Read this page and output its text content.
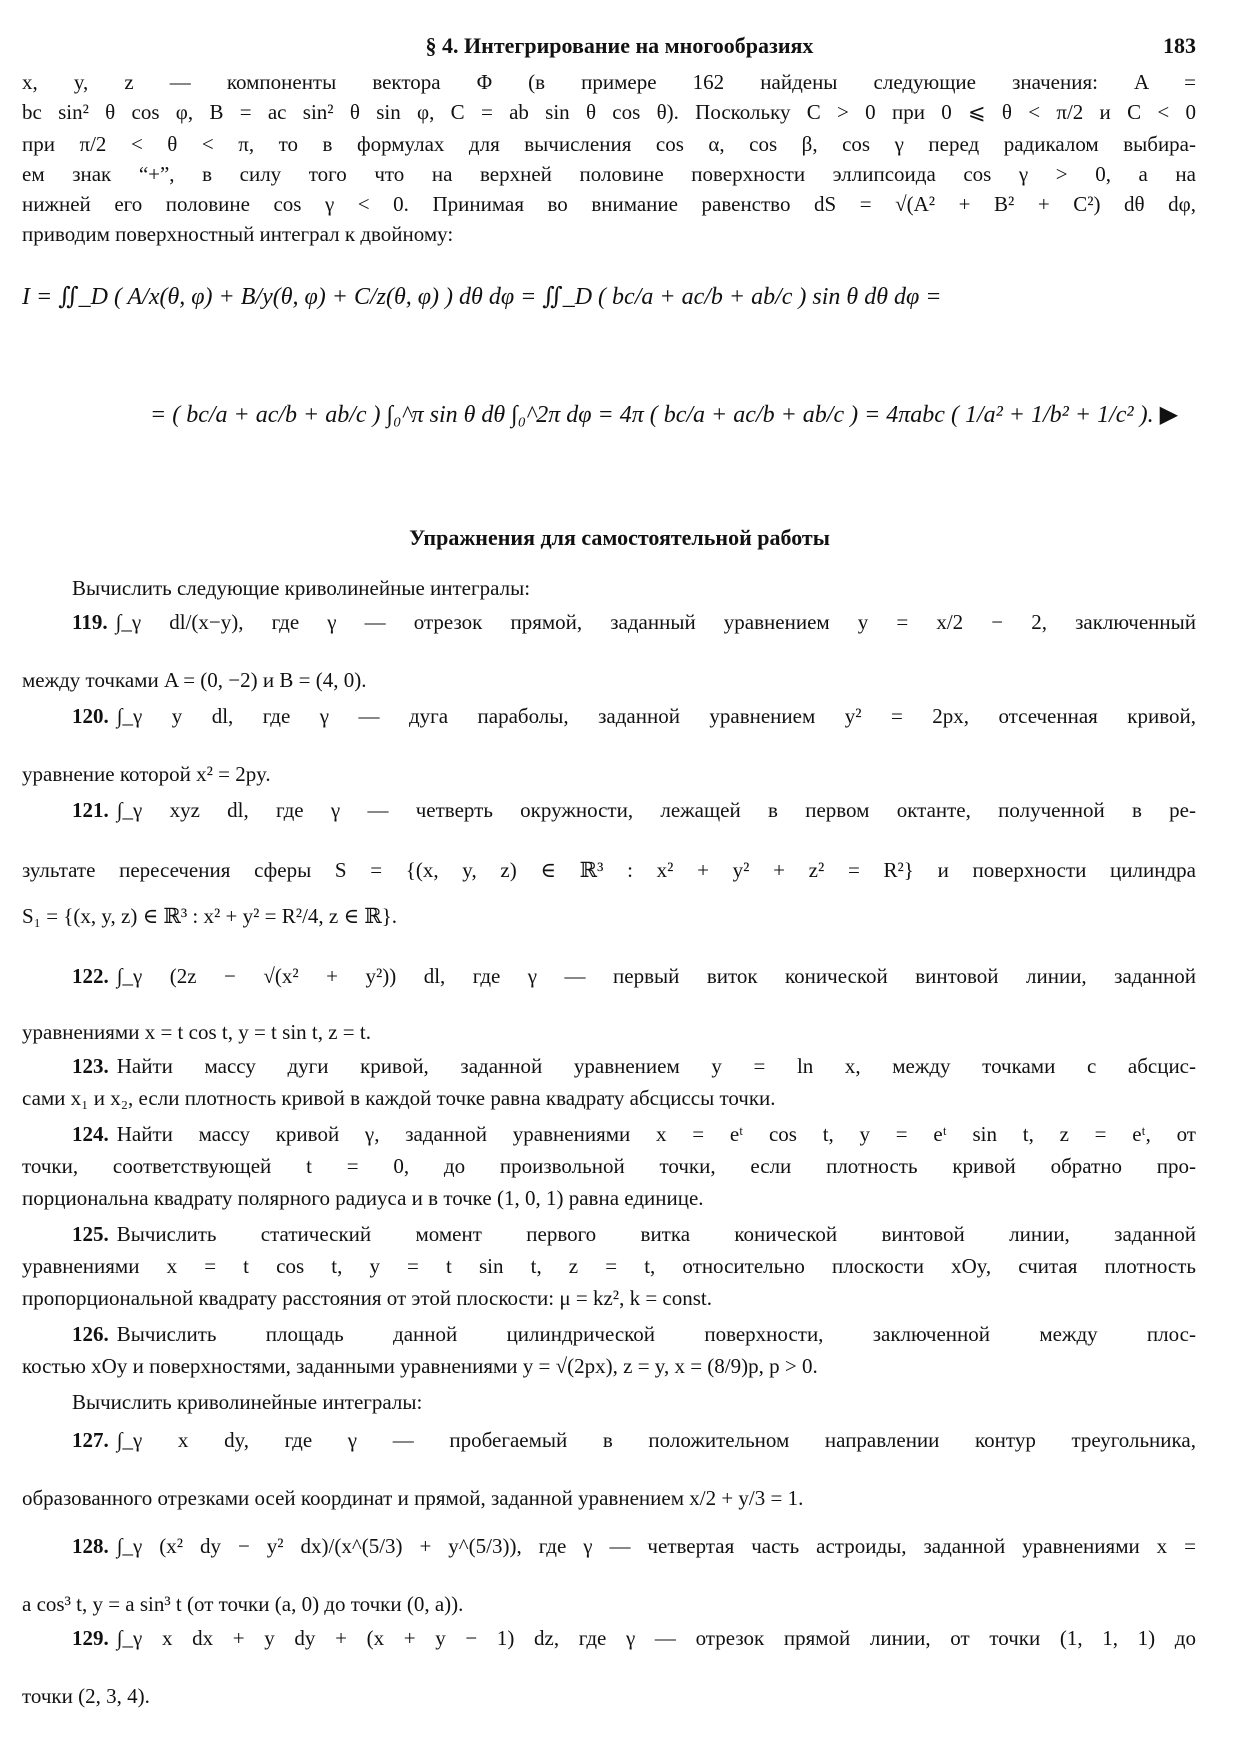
§ 4. Интегрирование на многообразиях	183
x, y, z — компоненты вектора Φ (в примере 162 найдены следующие значения: A =
bc sin² θ cos φ, B = ac sin² θ sin φ, C = ab sin θ cos θ). Поскольку C > 0 при 0 ⩽ θ < π/2 и C < 0
при π/2 < θ < π, то в формулах для вычисления cos α, cos β, cos γ перед радикалом выбира-
ем знак “+”, в силу того что на верхней половине поверхности эллипсоида cos γ > 0, а на
нижней его половине cos γ < 0. Принимая во внимание равенство dS = √(A² + B² + C²) dθ dφ,
приводим поверхностный интеграл к двойному:
I = ∬_D ( A/x(θ, φ) + B/y(θ, φ) + C/z(θ, φ) ) dθ dφ = ∬_D ( bc/a + ac/b + ab/c ) sin θ dθ dφ =
= ( bc/a + ac/b + ab/c ) ∫₀^π sin θ dθ ∫₀^2π dφ = 4π ( bc/a + ac/b + ab/c ) = 4πabc ( 1/a² + 1/b² + 1/c² ). ▶
Упражнения для самостоятельной работы
Вычислить следующие криволинейные интегралы:
119. ∫_γ dl/(x−y), где γ — отрезок прямой, заданный уравнением y = x/2 − 2, заключенный
между точками A = (0, −2) и B = (4, 0).
120. ∫_γ y dl, где γ — дуга параболы, заданной уравнением y² = 2px, отсеченная кривой,
уравнение которой x² = 2py.
121. ∫_γ xyz dl, где γ — четверть окружности, лежащей в первом октанте, полученной в ре-
зультате пересечения сферы S = {(x, y, z) ∈ ℝ³ : x² + y² + z² = R²} и поверхности цилиндра
S₁ = {(x, y, z) ∈ ℝ³ : x² + y² = R²/4, z ∈ ℝ}.
122. ∫_γ (2z − √(x² + y²)) dl, где γ — первый виток конической винтовой линии, заданной
уравнениями x = t cos t, y = t sin t, z = t.
123. Найти массу дуги кривой, заданной уравнением y = ln x, между точками с абсцис-
сами x₁ и x₂, если плотность кривой в каждой точке равна квадрату абсциссы точки.
124. Найти массу кривой γ, заданной уравнениями x = eᵗ cos t, y = eᵗ sin t, z = eᵗ, от
точки, соответствующей t = 0, до произвольной точки, если плотность кривой обратно про-
порциональна квадрату полярного радиуса и в точке (1, 0, 1) равна единице.
125. Вычислить статический момент первого витка конической винтовой линии, заданной
уравнениями x = t cos t, y = t sin t, z = t, относительно плоскости xOy, считая плотность
пропорциональной квадрату расстояния от этой плоскости: μ = kz², k = const.
126. Вычислить площадь данной цилиндрической поверхности, заключенной между плос-
костью xOy и поверхностями, заданными уравнениями y = √(2px), z = y, x = (8/9)p, p > 0.
Вычислить криволинейные интегралы:
127. ∫_γ x dy, где γ — пробегаемый в положительном направлении контур треугольника,
образованного отрезками осей координат и прямой, заданной уравнением x/2 + y/3 = 1.
128. ∫_γ (x² dy − y² dx)/(x^(5/3) + y^(5/3)), где γ — четвертая часть астроиды, заданной уравнениями x =
a cos³ t, y = a sin³ t (от точки (a, 0) до точки (0, a)).
129. ∫_γ x dx + y dy + (x + y − 1) dz, где γ — отрезок прямой линии, от точки (1, 1, 1) до
точки (2, 3, 4).
